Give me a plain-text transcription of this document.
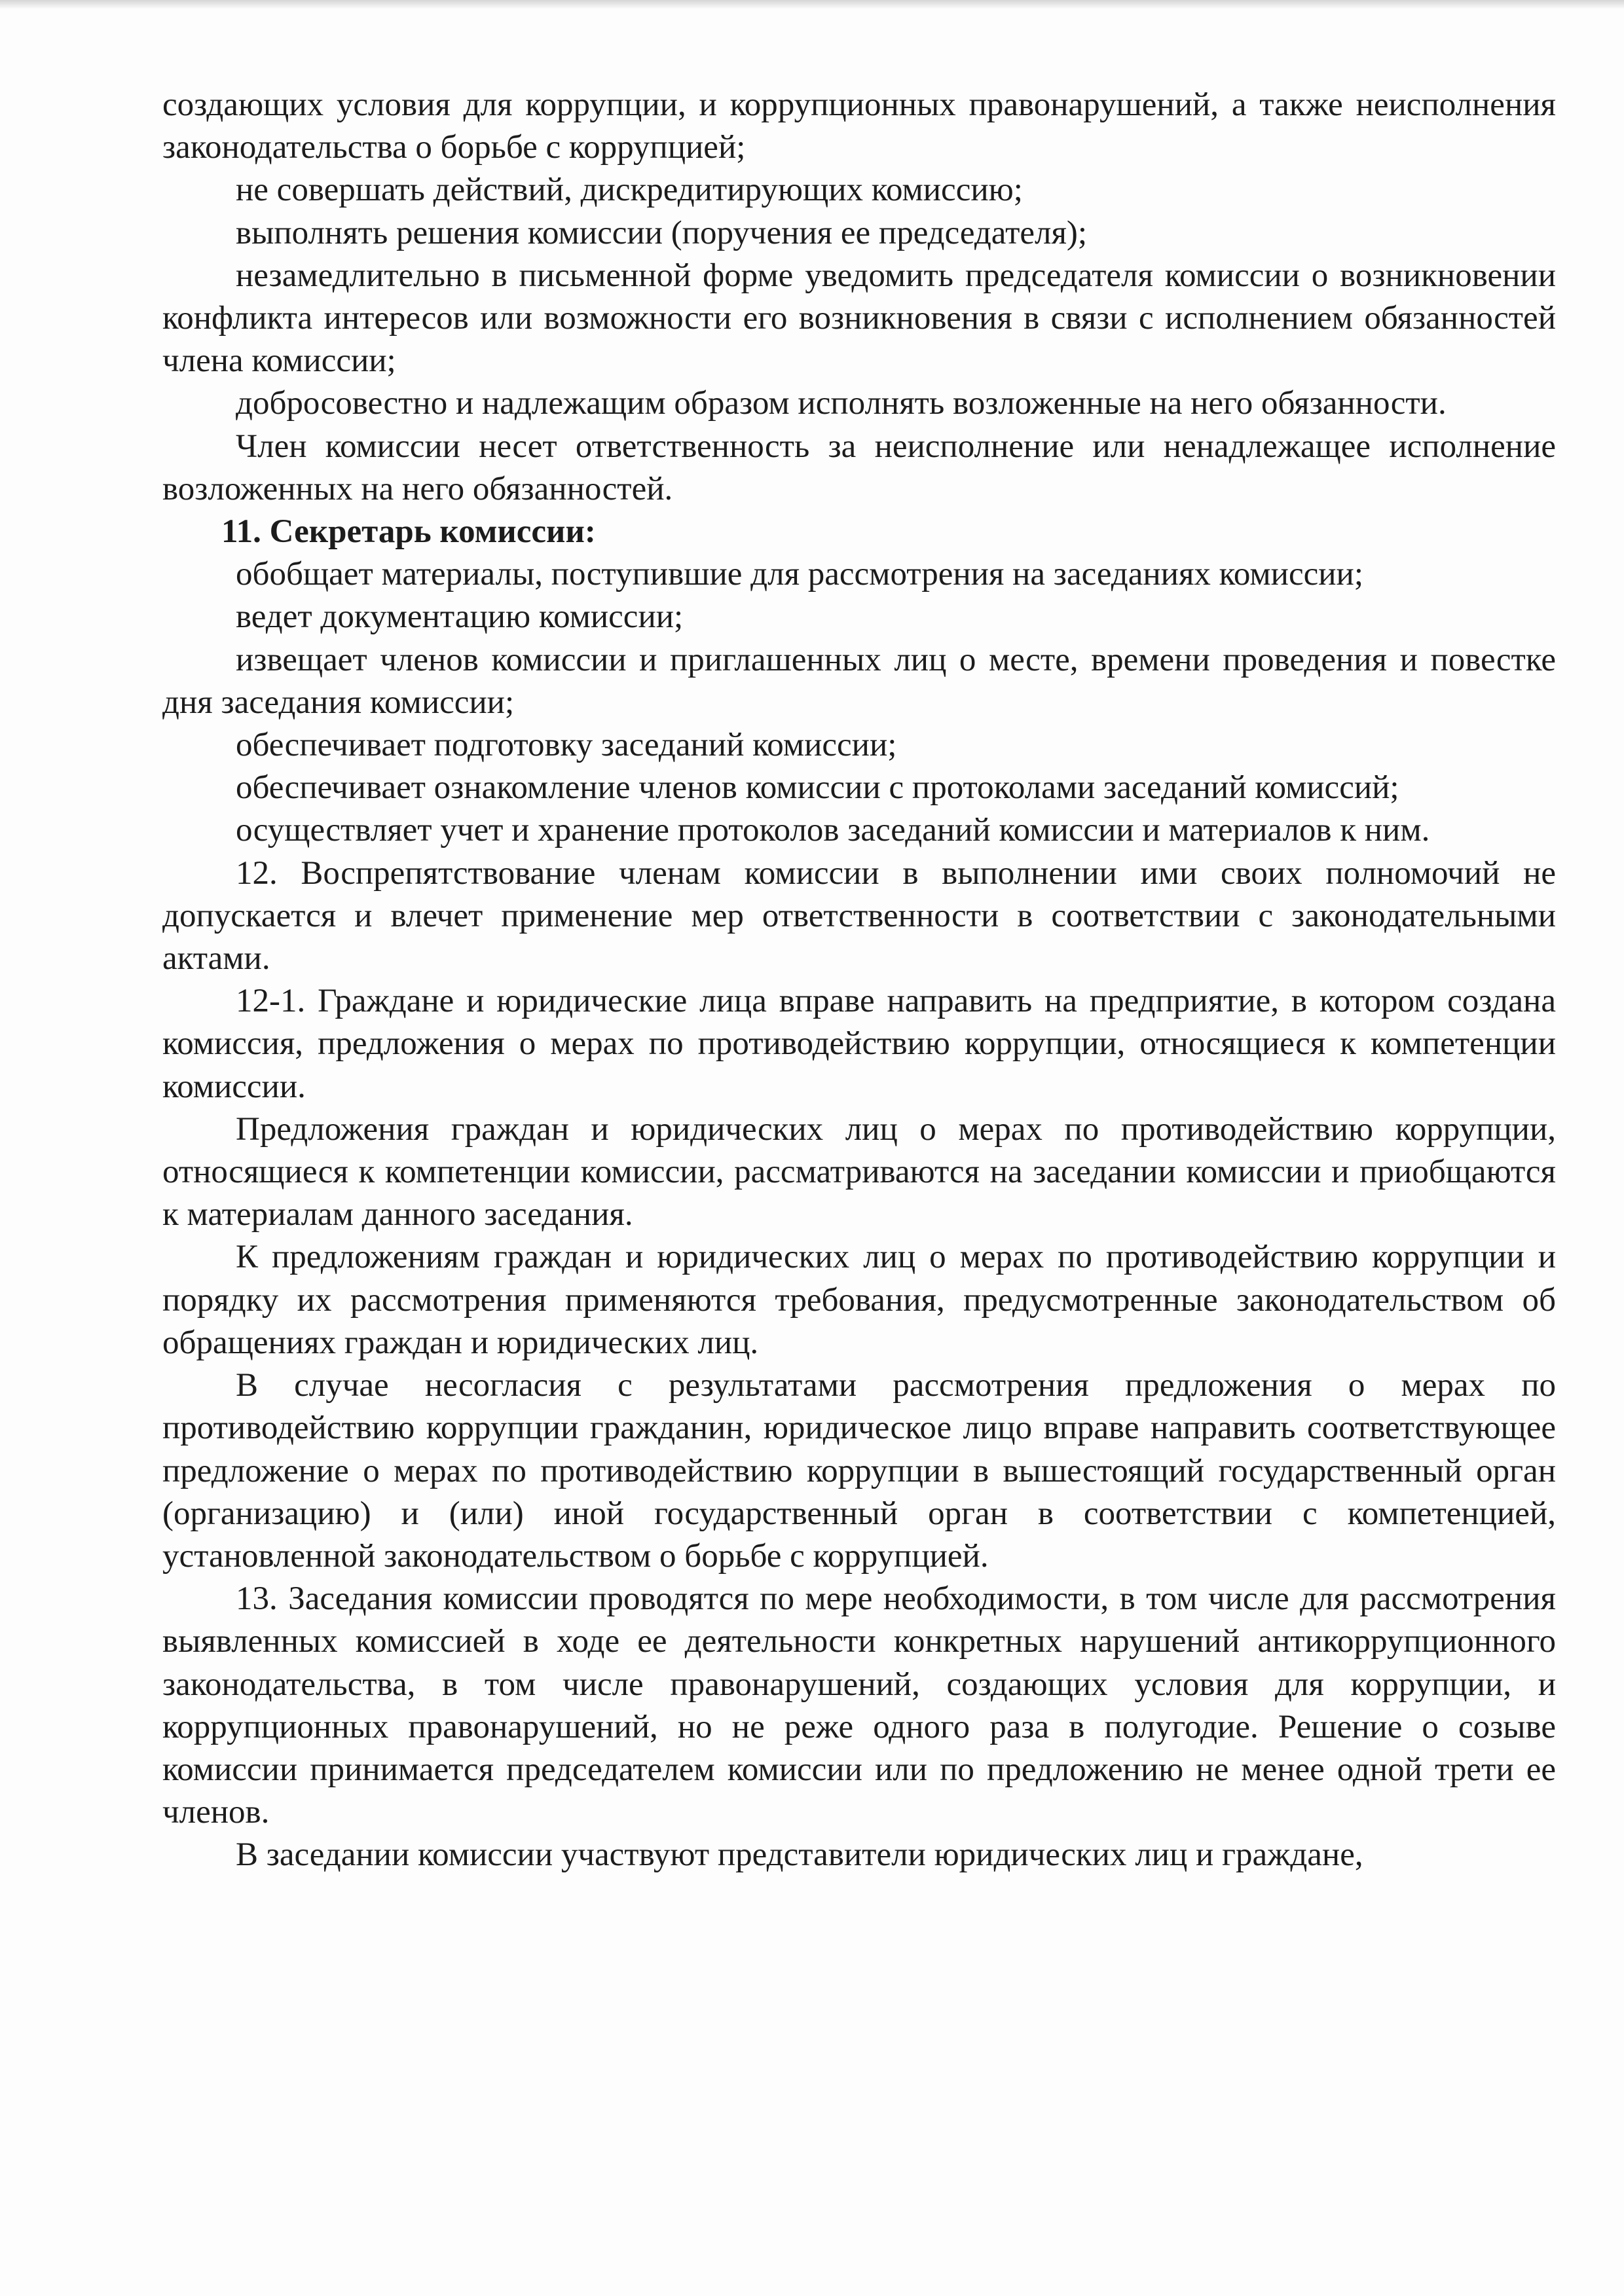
создающих условия для коррупции, и коррупционных правонарушений, а также неисполнения законодательства о борьбе с коррупцией;

не совершать действий, дискредитирующих комиссию;

выполнять решения комиссии (поручения ее председателя);

незамедлительно в письменной форме уведомить председателя комиссии о возникновении конфликта интересов или возможности его возникновения в связи с исполнением обязанностей члена комиссии;

добросовестно и надлежащим образом исполнять возложенные на него обязанности.

Член комиссии несет ответственность за неисполнение или ненадлежащее исполнение возложенных на него обязанностей.

11. Секретарь комиссии:

обобщает материалы, поступившие для рассмотрения на заседаниях комиссии;

ведет документацию комиссии;

извещает членов комиссии и приглашенных лиц о месте, времени проведения и повестке дня заседания комиссии;

обеспечивает подготовку заседаний комиссии;

обеспечивает ознакомление членов комиссии с протоколами заседаний комиссий;

осуществляет учет и хранение протоколов заседаний комиссии и материалов к ним.

12. Воспрепятствование членам комиссии в выполнении ими своих полномочий не допускается и влечет применение мер ответственности в соответствии с законодательными актами.

12-1. Граждане и юридические лица вправе направить на предприятие, в котором создана комиссия, предложения о мерах по противодействию коррупции, относящиеся к компетенции комиссии.

Предложения граждан и юридических лиц о мерах по противодействию коррупции, относящиеся к компетенции комиссии, рассматриваются на заседании комиссии и приобщаются к материалам данного заседания.

К предложениям граждан и юридических лиц о мерах по противодействию коррупции и порядку их рассмотрения применяются требования, предусмотренные законодательством об обращениях граждан и юридических лиц.

В случае несогласия с результатами рассмотрения предложения о мерах по противодействию коррупции гражданин, юридическое лицо вправе направить соответствующее предложение о мерах по противодействию коррупции в вышестоящий государственный орган (организацию) и (или) иной государственный орган в соответствии с компетенцией, установленной законодательством о борьбе с коррупцией.

13. Заседания комиссии проводятся по мере необходимости, в том числе для рассмотрения выявленных комиссией в ходе ее деятельности конкретных нарушений антикоррупционного законодательства, в том числе правонарушений, создающих условия для коррупции, и коррупционных правонарушений, но не реже одного раза в полугодие. Решение о созыве комиссии принимается председателем комиссии или по предложению не менее одной трети ее членов.

В заседании комиссии участвуют представители юридических лиц и граждане,
